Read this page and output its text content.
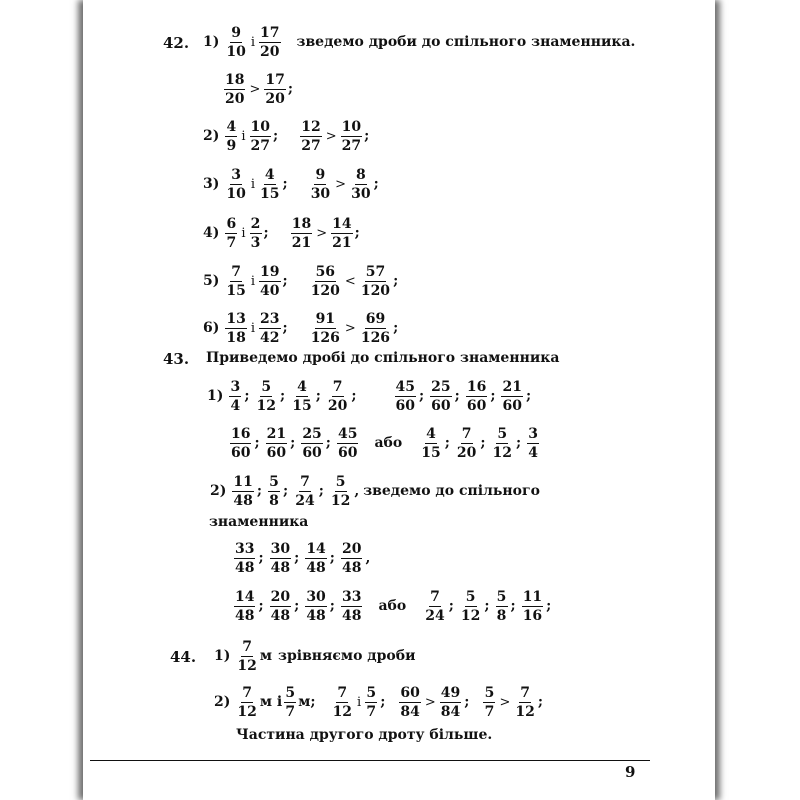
42. $1) \frac{9}{10}$ і $\frac{17}{20}$ зведемо дроби до спільного знаменника.
$\frac{18}{20} > \frac{17}{20}$ ;
$2) \frac{4}{9}$ і $\frac{10}{27}$ ; $\frac{12}{27} > \frac{10}{27}$ ;
$3) \frac{3}{10}$ і $\frac{4}{15}$ ; $\frac{9}{30} > \frac{8}{30}$ ;
$4) \frac{6}{7}$ і $\frac{2}{3}$ ; $\frac{18}{21} > \frac{14}{21}$ ;
$5) \frac{7}{15}$ і $\frac{19}{40}$ ; $\frac{56}{120} < \frac{57}{120}$ ;
$6) \frac{13}{18}$ і $\frac{23}{42}$ ; $\frac{91}{126} > \frac{69}{126}$ ;
43. Приведемо дробі до спільного знаменника
$1) \frac{3}{4}$ ; $\frac{5}{12}$ ; $\frac{4}{15}$ ; $\frac{7}{20}$ ;	$\frac{45}{60}$ ; $\frac{25}{60}$ ; $\frac{16}{60}$ ; $\frac{21}{60}$ ;
$\frac{16}{60}$ ; $\frac{21}{60}$ ; $\frac{25}{60}$ ; $\frac{45}{60}$ або $\frac{4}{15}$ ; $\frac{7}{20}$ ; $\frac{5}{12}$ ; $\frac{3}{4}$
$2) \frac{11}{48}$ ; $\frac{5}{8}$ ; $\frac{7}{24}$ ; $\frac{5}{12}$ , зведемо до спільного
знаменника
$\frac{33}{48}$ ; $\frac{30}{48}$ ; $\frac{14}{48}$ ; $\frac{20}{48}$ ,
$\frac{14}{48}$ ; $\frac{20}{48}$ ; $\frac{30}{48}$ ; $\frac{33}{48}$ або $\frac{7}{24}$ ; $\frac{5}{12}$ ; $\frac{5}{8}$ ; $\frac{11}{16}$ ;
44. $1) \frac{7}{12}$ м зрівняємо дроби
$2) \frac{7}{12}$ м і $\frac{5}{7} м$; $\frac{7}{12}$ і $\frac{5}{7}$ ; $\frac{60}{84} > \frac{49}{84}$ ; $\frac{5}{7} > \frac{7}{12}$ ;
Частина другого дроту більше.
9
